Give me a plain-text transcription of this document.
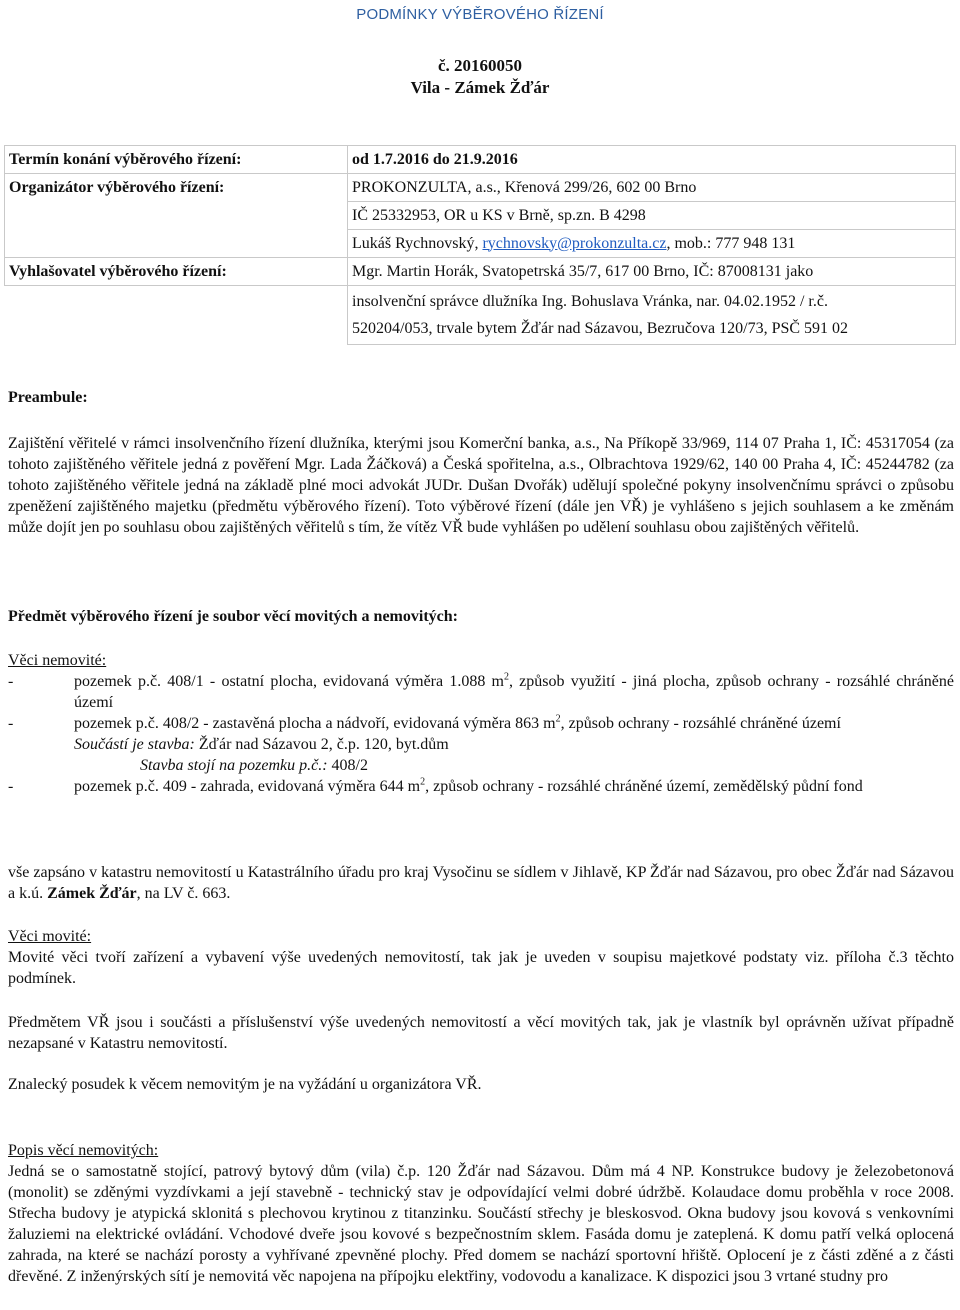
PODMÍNKY VÝBĚROVÉHO ŘÍZENÍ
č. 20160050
Vila - Zámek Žďár
Termín konání výběrového řízení:	od 1.7.2016 do 21.9.2016
Organizátor výběrového řízení:	PROKONZULTA, a.s., Křenová 299/26, 602 00 Brno
	IČ 25332953, OR u KS v Brně, sp.zn. B 4298
	Lukáš Rychnovský, rychnovsky@prokonzulta.cz, mob.: 777 948 131
Vyhlašovatel výběrového řízení:	Mgr. Martin Horák, Svatopetrská 35/7, 617 00 Brno, IČ: 87008131 jako

	insolvenční správce dlužníka Ing. Bohuslava Vránka, nar. 04.02.1952 / r.č.
520204/053, trvale bytem Žďár nad Sázavou, Bezručova 120/73, PSČ 591 02
Preambule:
Zajištění věřitelé v rámci insolvenčního řízení dlužníka, kterými jsou Komerční banka, a.s., Na Příkopě 33/969, 114 07 Praha 1, IČ: 45317054 (za tohoto zajištěného věřitele jedná z pověření Mgr. Lada Žáčková) a Česká spořitelna, a.s., Olbrachtova 1929/62, 140 00 Praha 4, IČ: 45244782 (za tohoto zajištěného věřitele jedná na základě plné moci advokát JUDr. Dušan Dvořák) udělují společné pokyny insolvenčnímu správci o způsobu zpeněžení zajištěného majetku (předmětu výběrového řízení). Toto výběrové řízení (dále jen VŘ) je vyhlášeno s jejich souhlasem a ke změnám může dojít jen po souhlasu obou zajištěných věřitelů s tím, že vítěz VŘ bude vyhlášen po udělení souhlasu obou zajištěných věřitelů.
Předmět výběrového řízení je soubor věcí movitých a nemovitých:
Věci nemovité:
-	pozemek p.č. 408/1 - ostatní plocha, evidovaná výměra 1.088 $m^2$, způsob využití - jiná plocha, způsob ochrany - rozsáhlé chráněné území
-	pozemek p.č. 408/2 - zastavěná plocha a nádvoří, evidovaná výměra 863 $m^2$, způsob ochrany - rozsáhlé chráněné území
Součástí je stavba: Žďár nad Sázavou 2, č.p. 120, byt.dům
Stavba stojí na pozemku p.č.: 408/2
-	pozemek p.č. 409 - zahrada, evidovaná výměra 644 $m^2$, způsob ochrany - rozsáhlé chráněné území, zemědělský půdní fond
vše zapsáno v katastru nemovitostí u Katastrálního úřadu pro kraj Vysočinu se sídlem v Jihlavě, KP Žďár nad Sázavou, pro obec Žďár nad Sázavou a k.ú. Zámek Žďár, na LV č. 663.
Věci movité:
Movité věci tvoří zařízení a vybavení výše uvedených nemovitostí, tak jak je uveden v soupisu majetkové podstaty viz. příloha č.3 těchto podmínek.
Předmětem VŘ jsou i součásti a příslušenství výše uvedených nemovitostí a věcí movitých tak, jak je vlastník byl oprávněn užívat případně nezapsané v Katastru nemovitostí.
Znalecký posudek k věcem nemovitým je na vyžádání u organizátora VŘ.
Popis věcí nemovitých:
Jedná se o samostatně stojící, patrový bytový dům (vila) č.p. 120 Žďár nad Sázavou. Dům má 4 NP. Konstrukce budovy je železobetonová (monolit) se zděnými vyzdívkami a její stavebně - technický stav je odpovídající velmi dobré údržbě. Kolaudace domu proběhla v roce 2008. Střecha budovy je atypická sklonitá s plechovou krytinou z titanzinku. Součástí střechy je bleskosvod. Okna budovy jsou kovová s venkovními žaluziemi na elektrické ovládání. Vchodové dveře jsou kovové s bezpečnostním sklem. Fasáda domu je zateplená. K domu patří velká oplocená zahrada, na které se nachází porosty a vyhřívané zpevněné plochy. Před domem se nachází sportovní hřiště. Oplocení je z části zděné a z části dřevěné. Z inženýrských sítí je nemovitá věc napojena na přípojku elektřiny, vodovodu a kanalizace. K dispozici jsou 3 vrtané studny pro
